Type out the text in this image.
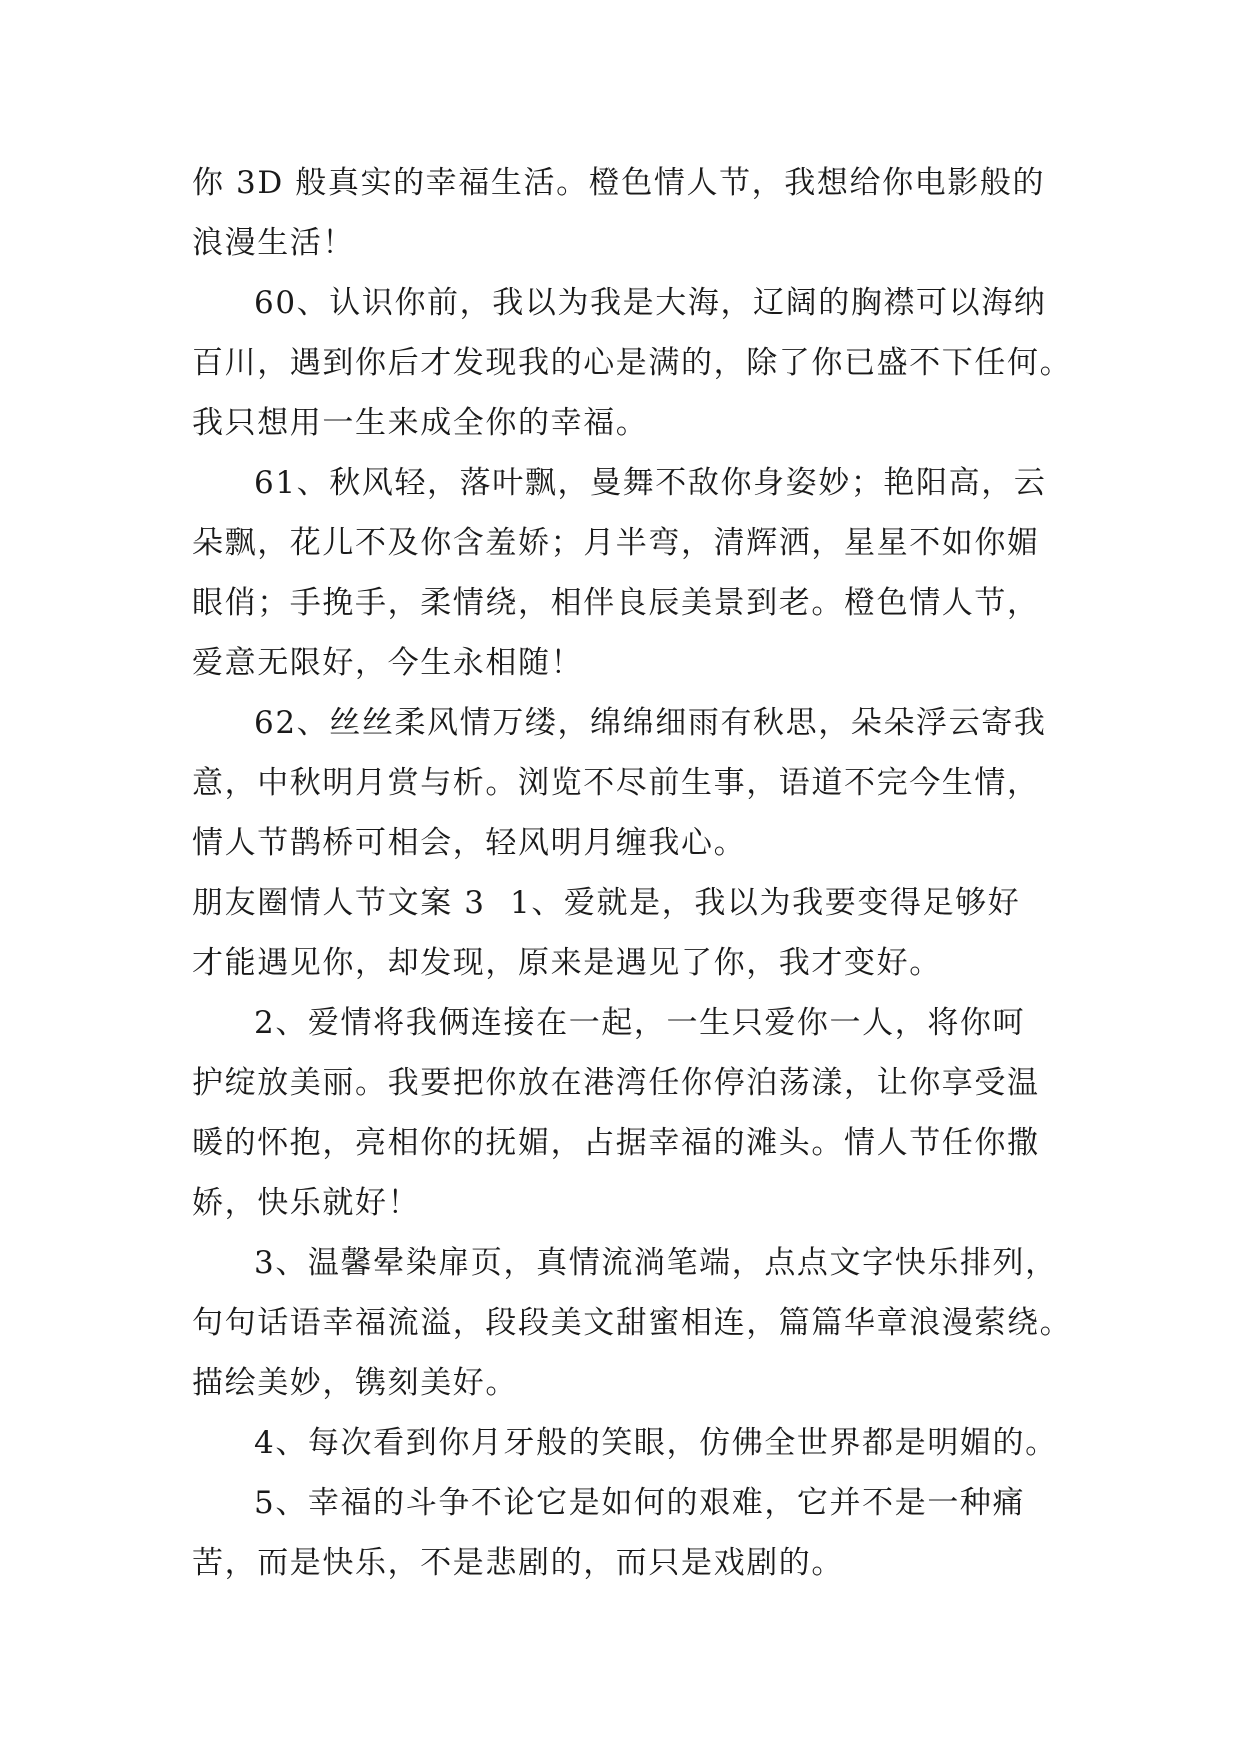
你 3D 般真实的幸福生活。橙色情人节，我想给你电影般的
浪漫生活！
60、认识你前，我以为我是大海，辽阔的胸襟可以海纳
百川，遇到你后才发现我的心是满的，除了你已盛不下任何。
我只想用一生来成全你的幸福。
61、秋风轻，落叶飘，曼舞不敌你身姿妙；艳阳高，云
朵飘，花儿不及你含羞娇；月半弯，清辉洒，星星不如你媚
眼俏；手挽手，柔情绕，相伴良辰美景到老。橙色情人节，
爱意无限好，今生永相随！
62、丝丝柔风情万缕，绵绵细雨有秋思，朵朵浮云寄我
意，中秋明月赏与析。浏览不尽前生事，语道不完今生情，
情人节鹊桥可相会，轻风明月缠我心。
朋友圈情人节文案 3 1、爱就是，我以为我要变得足够好
才能遇见你，却发现，原来是遇见了你，我才变好。
2、爱情将我俩连接在一起，一生只爱你一人，将你呵
护绽放美丽。我要把你放在港湾任你停泊荡漾，让你享受温
暖的怀抱，亮相你的抚媚，占据幸福的滩头。情人节任你撒
娇，快乐就好！
3、温馨晕染扉页，真情流淌笔端，点点文字快乐排列，
句句话语幸福流溢，段段美文甜蜜相连，篇篇华章浪漫萦绕。
描绘美妙，镌刻美好。
4、每次看到你月牙般的笑眼，仿佛全世界都是明媚的。
5、幸福的斗争不论它是如何的艰难，它并不是一种痛
苦，而是快乐，不是悲剧的，而只是戏剧的。
